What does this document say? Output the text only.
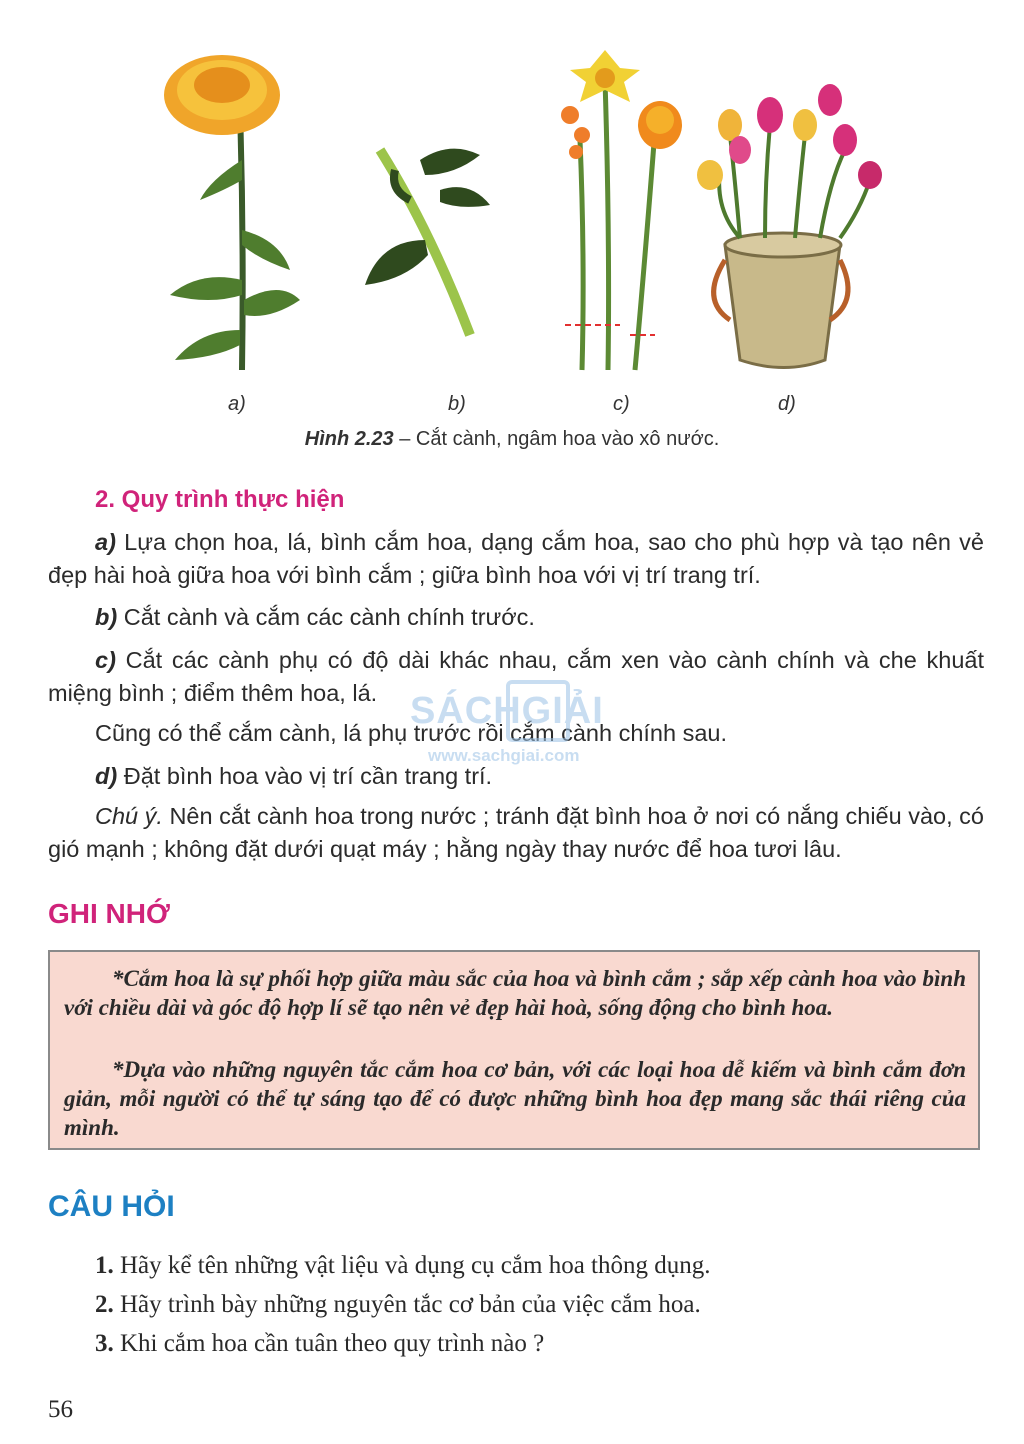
a)	b)	c)	d)
Hình 2.23 – Cắt cành, ngâm hoa vào xô nước.
2. Quy trình thực hiện
a) Lựa chọn hoa, lá, bình cắm hoa, dạng cắm hoa, sao cho phù hợp và tạo nên vẻ đẹp hài hoà giữa hoa với bình cắm ; giữa bình hoa với vị trí trang trí.
b) Cắt cành và cắm các cành chính trước.
c) Cắt các cành phụ có độ dài khác nhau, cắm xen vào cành chính và che khuất miệng bình ; điểm thêm hoa, lá.
Cũng có thể cắm cành, lá phụ trước rồi cắm cành chính sau.
d) Đặt bình hoa vào vị trí cần trang trí.
Chú ý. Nên cắt cành hoa trong nước ; tránh đặt bình hoa ở nơi có nắng chiếu vào, có gió mạnh ; không đặt dưới quạt máy ; hằng ngày thay nước để hoa tươi lâu.
SÁCHGIẢI
www.sachgiai.com
GHI NHỚ
*Cắm hoa là sự phối hợp giữa màu sắc của hoa và bình cắm ; sắp xếp cành hoa vào bình với chiều dài và góc độ hợp lí sẽ tạo nên vẻ đẹp hài hoà, sống động cho bình hoa.
*Dựa vào những nguyên tắc cắm hoa cơ bản, với các loại hoa dễ kiếm và bình cắm đơn giản, mỗi người có thể tự sáng tạo để có được những bình hoa đẹp mang sắc thái riêng của mình.
CÂU HỎI
1. Hãy kể tên những vật liệu và dụng cụ cắm hoa thông dụng.
2. Hãy trình bày những nguyên tắc cơ bản của việc cắm hoa.
3. Khi cắm hoa cần tuân theo quy trình nào ?
56
